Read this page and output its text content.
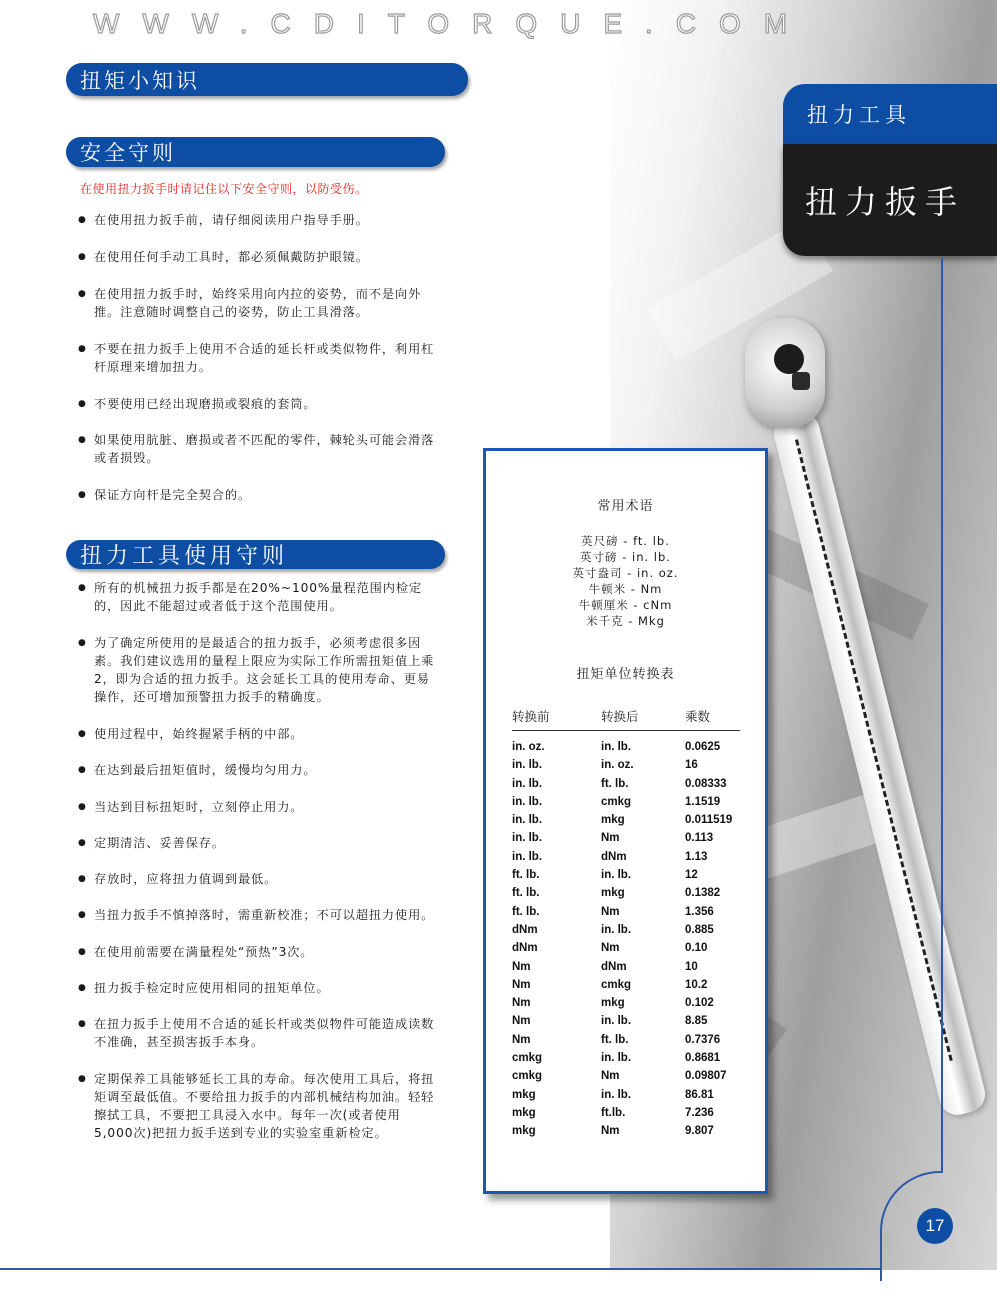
WWW.CDITORQUE.COM
扭力工具
扭力扳手
扭矩小知识
安全守则
在使用扭力扳手时请记住以下安全守则，以防受伤。
● 在使用扭力扳手前，请仔细阅读用户指导手册。
● 在使用任何手动工具时，都必须佩戴防护眼镜。
● 在使用扭力扳手时，始终采用向内拉的姿势，而不是向外推。注意随时调整自己的姿势，防止工具滑落。
● 不要在扭力扳手上使用不合适的延长杆或类似物件，利用杠杆原理来增加扭力。
● 不要使用已经出现磨损或裂痕的套筒。
● 如果使用肮脏、磨损或者不匹配的零件，棘轮头可能会滑落或者损毁。
● 保证方向杆是完全契合的。
扭力工具使用守则
● 所有的机械扭力扳手都是在20%~100%量程范围内检定的，因此不能超过或者低于这个范围使用。
● 为了确定所使用的是最适合的扭力扳手，必须考虑很多因素。我们建议选用的量程上限应为实际工作所需扭矩值上乘2，即为合适的扭力扳手。这会延长工具的使用寿命、更易操作，还可增加预警扭力扳手的精确度。
● 使用过程中，始终握紧手柄的中部。
● 在达到最后扭矩值时，缓慢均匀用力。
● 当达到目标扭矩时，立刻停止用力。
● 定期清洁、妥善保存。
● 存放时，应将扭力值调到最低。
● 当扭力扳手不慎掉落时，需重新校准；不可以超扭力使用。
● 在使用前需要在满量程处“预热”3次。
● 扭力扳手检定时应使用相同的扭矩单位。
● 在扭力扳手上使用不合适的延长杆或类似物件可能造成读数不准确，甚至损害扳手本身。
● 定期保养工具能够延长工具的寿命。每次使用工具后，将扭矩调至最低值。不要给扭力扳手的内部机械结构加油。轻轻擦拭工具，不要把工具浸入水中。每年一次(或者使用5,000次)把扭力扳手送到专业的实验室重新检定。
常用术语
英尺磅 - ft. lb.
英寸磅 - in. lb.
英寸盎司 - in. oz.
牛顿米 - Nm
牛顿厘米 - cNm
米千克 - Mkg
扭矩单位转换表
转换前	转换后	乘数
in. oz.	in. lb.	0.0625
in. lb.	in. oz.	16
in. lb.	ft. lb.	0.08333
in. lb.	cmkg	1.1519
in. lb.	mkg	0.011519
in. lb.	Nm	0.113
in. lb.	dNm	1.13
ft. lb.	in. lb.	12
ft. lb.	mkg	0.1382
ft. lb.	Nm	1.356
dNm	in. lb.	0.885
dNm	Nm	0.10
Nm	dNm	10
Nm	cmkg	10.2
Nm	mkg	0.102
Nm	in. lb.	8.85
Nm	ft. lb.	0.7376
cmkg	in. lb.	0.8681
cmkg	Nm	0.09807
mkg	in. lb.	86.81
mkg	ft.lb.	7.236
mkg	Nm	9.807
17
